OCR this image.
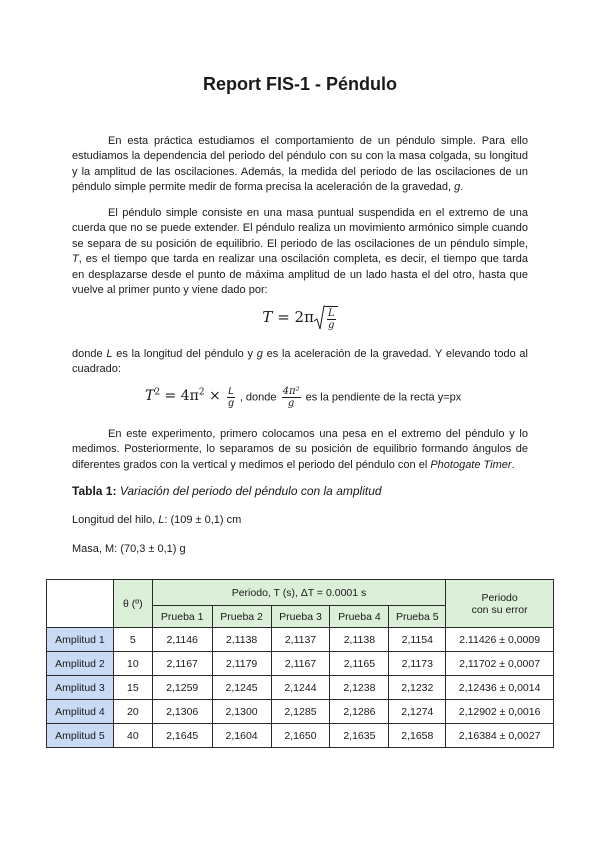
Report FIS-1 - Péndulo

En esta práctica estudiamos el comportamiento de un péndulo simple. Para ello estudiamos la dependencia del periodo del péndulo con su con la masa colgada, su longitud y la amplitud de las oscilaciones. Además, la medida del periodo de las oscilaciones de un péndulo simple permite medir de forma precisa la aceleración de la gravedad, g.

El péndulo simple consiste en una masa puntual suspendida en el extremo de una cuerda que no se puede extender. El péndulo realiza un movimiento armónico simple cuando se separa de su posición de equilibrio. El periodo de las oscilaciones de un péndulo simple, T, es el tiempo que tarda en realizar una oscilación completa, es decir, el tiempo que tarda en desplazarse desde el punto de máxima amplitud de un lado hasta el del otro, hasta que vuelve al primer punto y viene dado por:

$T = 2\pi \frac{L}{g}$

donde L es la longitud del péndulo y g es la aceleración de la gravedad. Y elevando todo al cuadrado:

$T^2 = 4\pi^2 \times \frac{L}{g}$ , donde $\frac{\text{4π²}}{g}$ es la pendiente de la recta y=px

En este experimento, primero colocamos una pesa en el extremo del péndulo y lo medimos. Posteriormente, lo separamos de su posición de equilibrio formando ángulos de diferentes grados con la vertical y medimos el periodo del péndulo con el Photogate Timer.

Tabla 1: Variación del periodo del péndulo con la amplitud
Longitud del hilo, L: (109 ± 0,1) cm
Masa, M: (70,3 ± 0,1) g
	θ (º)	Periodo, T (s), ΔT = 0.0001 s					Periodo
con su error
		Prueba 1	Prueba 2	Prueba 3	Prueba 4	Prueba 5	
Amplitud 1	5	2,1146	2,1138	2,1137	2,1138	2,1154	2.11426 ± 0,0009
Amplitud 2	10	2,1167	2,1179	2,1167	2,1165	2,1173	2,11702 ± 0,0007
Amplitud 3	15	2,1259	2,1245	2,1244	2,1238	2,1232	2,12436 ± 0,0014
Amplitud 4	20	2,1306	2,1300	2,1285	2,1286	2,1274	2,12902 ± 0,0016
Amplitud 5	40	2,1645	2,1604	2,1650	2,1635	2,1658	2,16384 ± 0,0027
